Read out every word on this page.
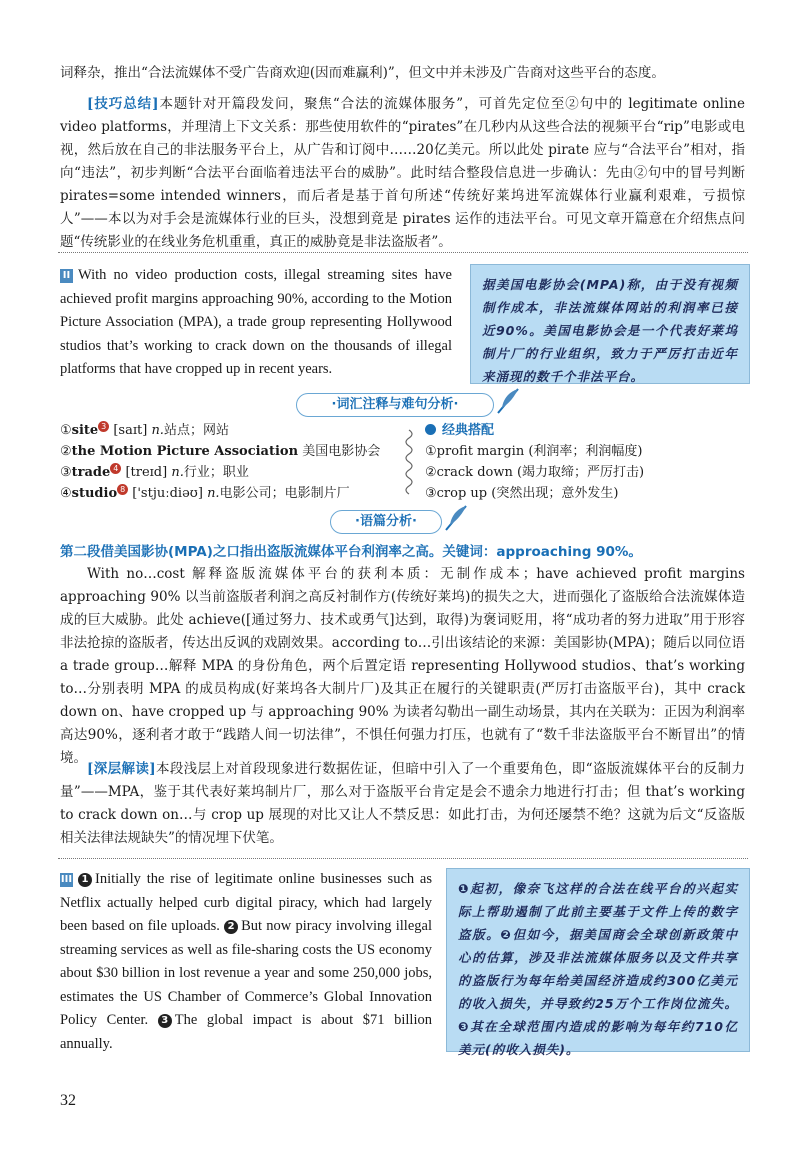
词释杂，推出“合法流媒体不受广告商欢迎(因而难赢利)”，但文中并未涉及广告商对这些平台的态度。
[技巧总结]本题针对开篇段发问，聚焦“合法的流媒体服务”，可首先定位至②句中的 legitimate online video platforms，并理清上下文关系：那些使用软件的“pirates”在几秒内从这些合法的视频平台“rip”电影或电视，然后放在自己的非法服务平台上，从广告和订阅中……20亿美元。所以此处 pirate 应与“合法平台”相对，指向“违法”，初步判断“合法平台面临着违法平台的威胁”。此时结合整段信息进一步确认：先由②句中的冒号判断 pirates=some intended winners，而后者是基于首句所述“传统好莱坞进军流媒体行业赢利艰难，亏损惊人”——本以为对手会是流媒体行业的巨头，没想到竟是 pirates 运作的违法平台。可见文章开篇意在介绍焦点问题“传统影业的在线业务危机重重，真正的威胁竟是非法盗版者”。
II With no video production costs, illegal streaming sites have achieved profit margins approaching 90%, according to the Motion Picture Association (MPA), a trade group representing Hollywood studios that’s working to crack down on the thousands of illegal platforms that have cropped up in recent years.
据美国电影协会(MPA)称，由于没有视频制作成本，非法流媒体网站的利润率已接近90%。美国电影协会是一个代表好莱坞制片厂的行业组织，致力于严厉打击近年来涌现的数千个非法平台。
·词汇注释与难句分析·
①site 3 [saɪt] n.站点；网站
②the Motion Picture Association 美国电影协会
③trade 4 [treɪd] n.行业；职业
④studio 8 ['stjuːdiəʊ] n.电影公司；电影制片厂
经典搭配
①profit margin (利润率；利润幅度)
②crack down (竭力取缔；严厉打击)
③crop up (突然出现；意外发生)
·语篇分析·
第二段借美国影协(MPA)之口指出盗版流媒体平台利润率之高。关键词：approaching 90%。
With no…cost 解释盗版流媒体平台的获利本质：无制作成本；have achieved profit margins approaching 90% 以当前盗版者利润之高反衬制作方(传统好莱坞)的损失之大，进而强化了盗版给合法流媒体造成的巨大威胁。此处 achieve([通过努力、技术或勇气]达到，取得)为褒词贬用，将“成功者的努力进取”用于形容非法抢掠的盗版者，传达出反讽的戏剧效果。according to…引出该结论的来源：美国影协(MPA)；随后以同位语 a trade group…解释 MPA 的身份角色，两个后置定语 representing Hollywood studios、that’s working to…分别表明 MPA 的成员构成(好莱坞各大制片厂)及其正在履行的关键职责(严厉打击盗版平台)，其中 crack down on、have cropped up 与 approaching 90% 为读者勾勒出一副生动场景，其内在关联为：正因为利润率高达90%，逐利者才敢于“践踏人间一切法律”，不惧任何强力打压，也就有了“数千非法盗版平台不断冒出”的情境。
[深层解读]本段浅层上对首段现象进行数据佐证，但暗中引入了一个重要角色，即“盗版流媒体平台的反制力量”——MPA，鉴于其代表好莱坞制片厂，那么对于盗版平台肯定是会不遗余力地进行打击；但 that’s working to crack down on…与 crop up 展现的对比又让人不禁反思：如此打击，为何还屡禁不绝？这就为后文“反盗版相关法律法规缺失”的情况埋下伏笔。
III 1 Initially the rise of legitimate online businesses such as Netflix actually helped curb digital piracy, which had largely been based on file uploads. 2 But now piracy involving illegal streaming services as well as file-sharing costs the US economy about $30 billion in lost revenue a year and some 250,000 jobs, estimates the US Chamber of Commerce’s Global Innovation Policy Center. 3 The global impact is about $71 billion annually.
❶起初，像奈飞这样的合法在线平台的兴起实际上帮助遏制了此前主要基于文件上传的数字盗版。❷但如今，据美国商会全球创新政策中心的估算，涉及非法流媒体服务以及文件共享的盗版行为每年给美国经济造成约300亿美元的收入损失，并导致约25万个工作岗位流失。❸其在全球范围内造成的影响为每年约710亿美元(的收入损失)。
32
